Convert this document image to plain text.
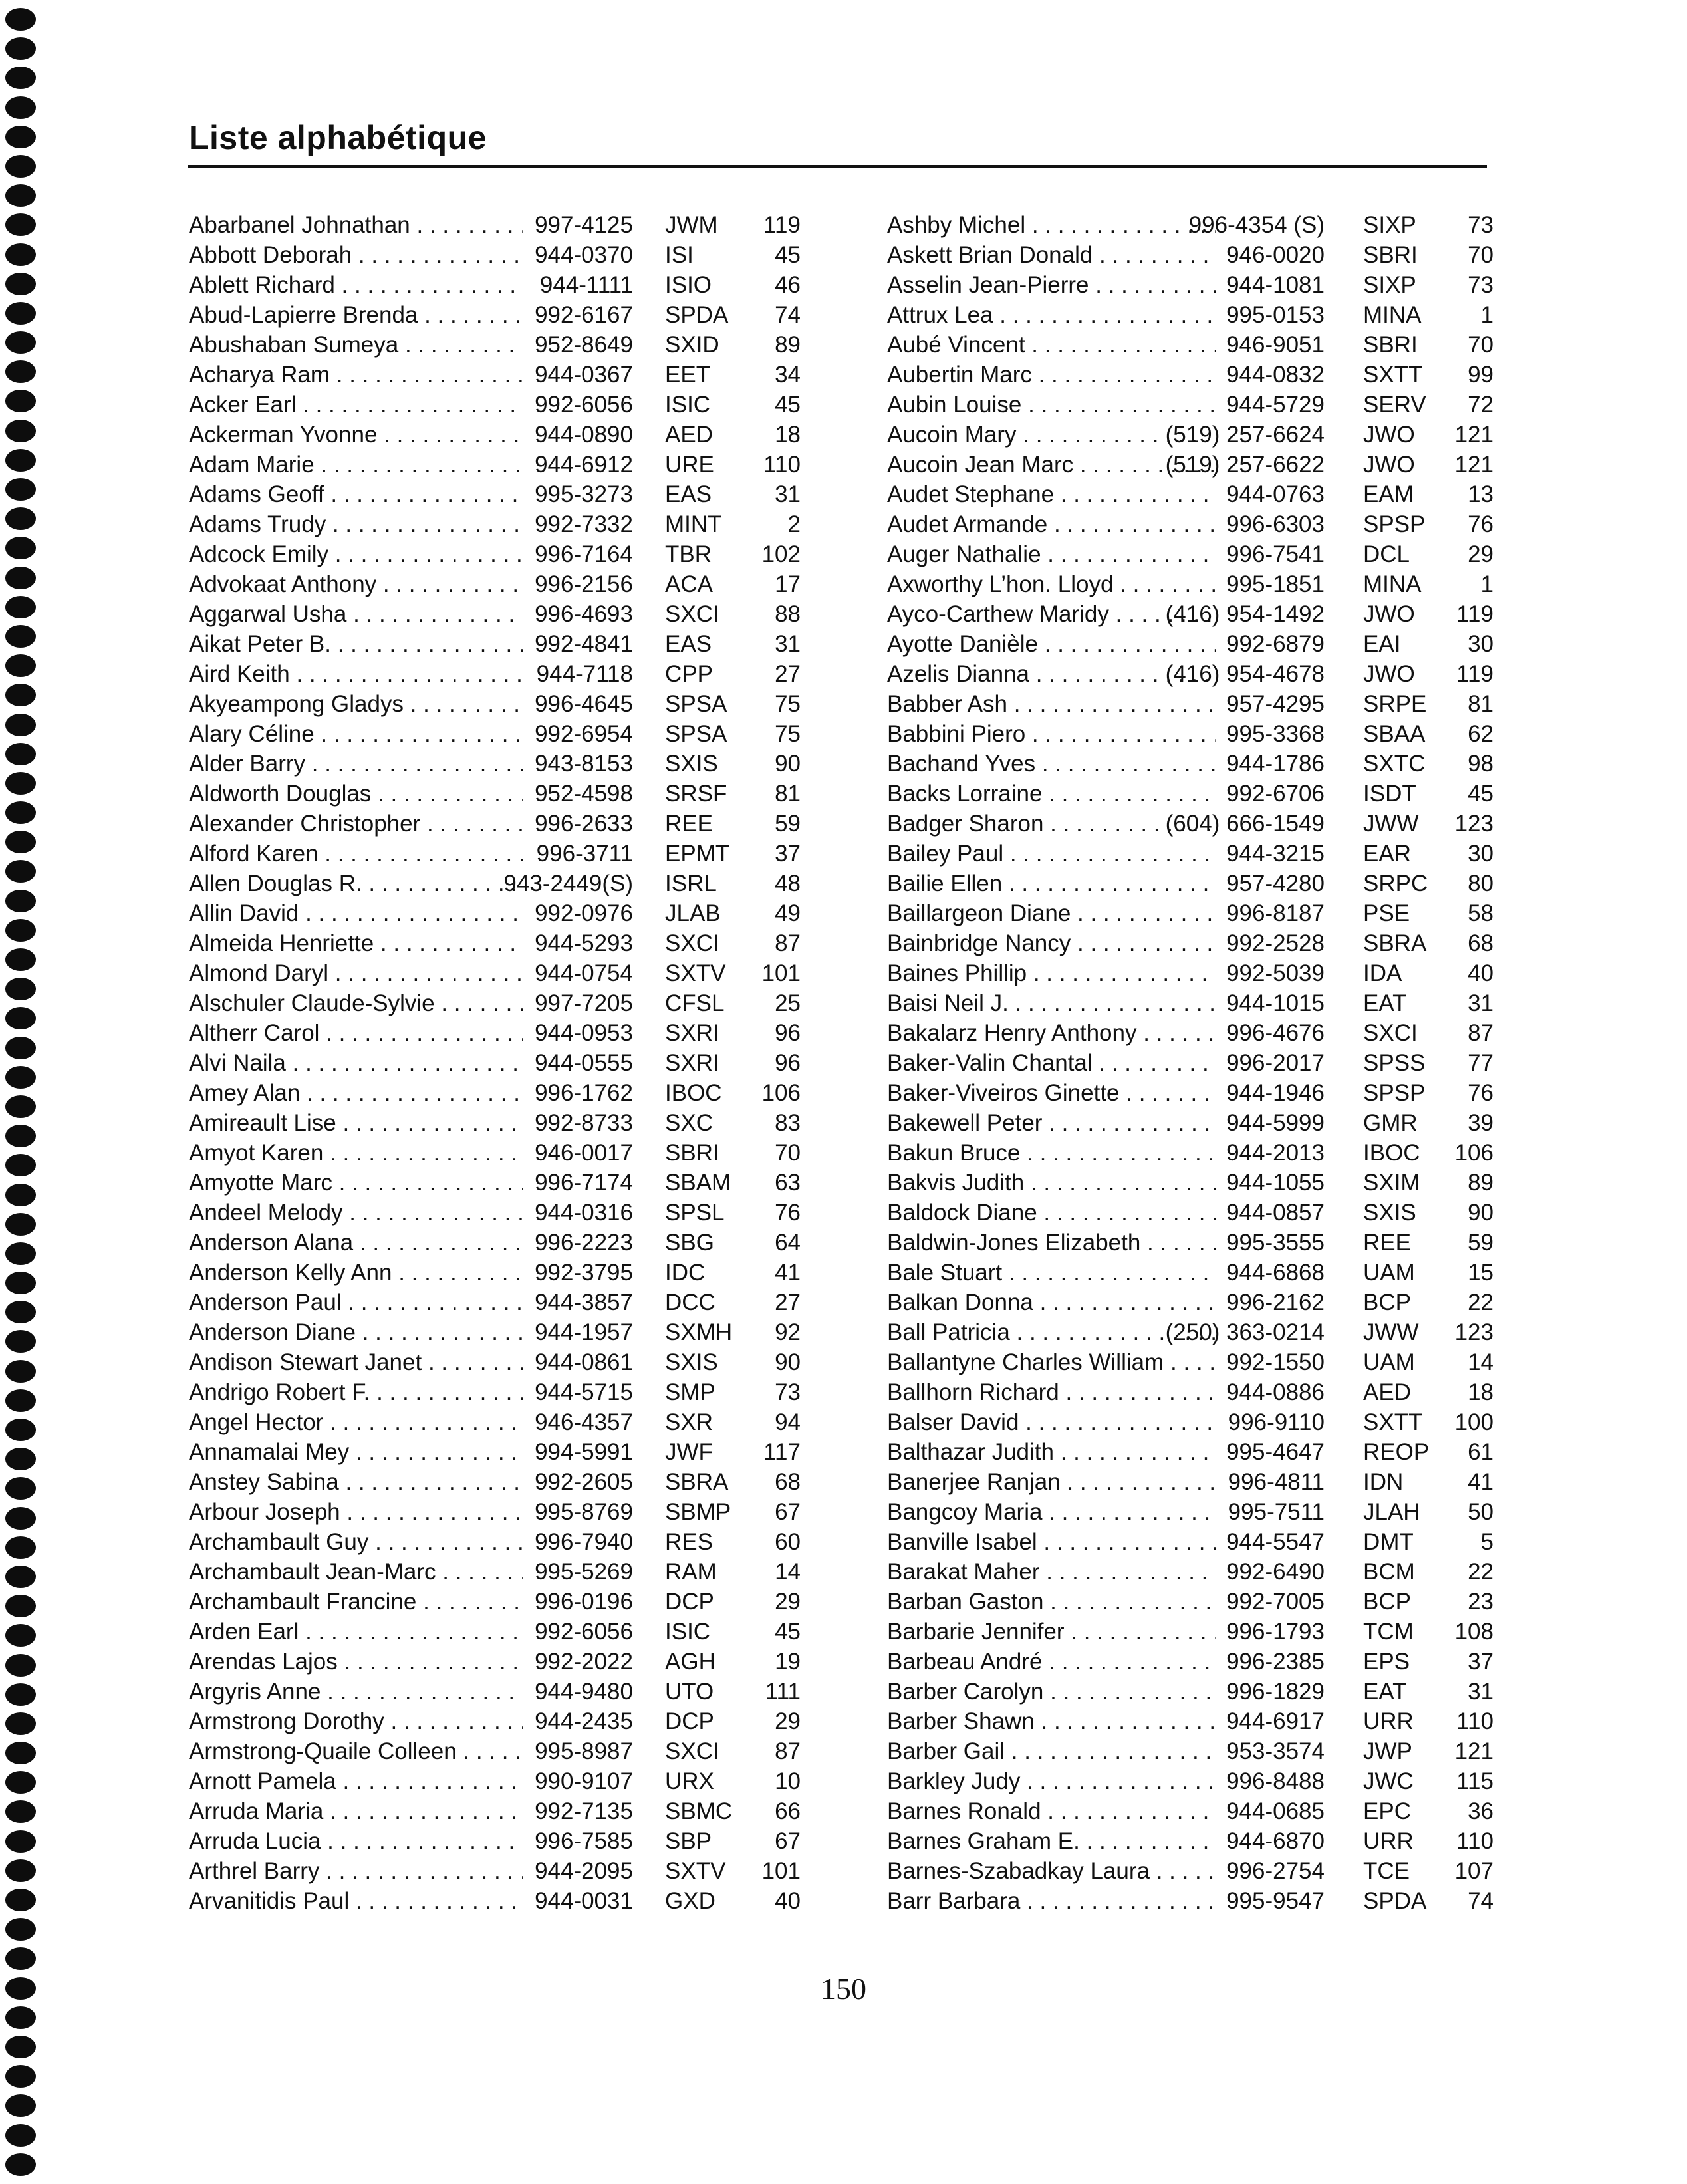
Liste alphabétique
Abarbanel Johnathan . . .	997-4125 JWM 119
Abbott Deborah . . .	944-0370 ISI	45
Ablett Richard . . .	944-1111 ISIO	46
Abud-Lapierre Brenda . . .	992-6167 SPDA 74
Abushaban Sumeya . . .	952-8649 SXID 89
Acharya Ram . . .	944-0367 EET	34
Acker Earl . . .	992-6056 ISIC	45
Ackerman Yvonne . . .	944-0890 AED	18
Adam Marie . . .	944-6912 URE 110
Adams Geoff . . .	995-3273 EAS	31
Adams Trudy . . .	992-7332 MINT	2
Adcock Emily . . .	996-7164 TBR 102
Advokaat Anthony . . .	996-2156 ACA	17
Aggarwal Usha . . .	996-4693 SXCI 88
Aikat Peter B. . . .	992-4841 EAS	31
Aird Keith . . .	944-7118 CPP	27
Akyeampong Gladys . . .	996-4645 SPSA 75
Alary Céline . . .	992-6954 SPSA 75
Alder Barry . . .	943-8153 SXIS 90
Aldworth Douglas . . .	952-4598 SRSF 81
Alexander Christopher . . .	996-2633 REE	59
Alford Karen . . .	996-3711 EPMT 37
Allen Douglas R. . . .	943-2449(S) ISRL 48
Allin David . . .	992-0976 JLAB 49
Almeida Henriette . . .	944-5293 SXCI 87
Almond Daryl . . .	944-0754 SXTV 101
Alschuler Claude-Sylvie . . .	997-7205 CFSL 25
Altherr Carol . . .	944-0953 SXRI 96
Alvi Naila . . .	944-0555 SXRI 96
Amey Alan . . .	996-1762 IBOC 106
Amireault Lise . . .	992-8733 SXC	83
Amyot Karen . . .	946-0017 SBRI 70
Amyotte Marc . . .	996-7174 SBAM 63
Andeel Melody . . .	944-0316 SPSL 76
Anderson Alana . . .	996-2223 SBG	64
Anderson Kelly Ann . . .	992-3795 IDC	41
Anderson Paul . . .	944-3857 DCC	27
Anderson Diane . . .	944-1957 SXMH 92
Andison Stewart Janet . . .	944-0861 SXIS 90
Andrigo Robert F. . . .	944-5715 SMP	73
Angel Hector . . .	946-4357 SXR	94
Annamalai Mey . . .	994-5991 JWF 117
Anstey Sabina . . .	992-2605 SBRA 68
Arbour Joseph . . .	995-8769 SBMP 67
Archambault Guy . . .	996-7940 RES	60
Archambault Jean-Marc . . .	995-5269 RAM 14
Archambault Francine . . .	996-0196 DCP	29
Arden Earl . . .	992-6056 ISIC	45
Arendas Lajos . . .	992-2022 AGH	19
Argyris Anne . . .	944-9480 UTO 111
Armstrong Dorothy . . .	944-2435 DCP	29
Armstrong-Quaile Colleen . . .	995-8987 SXCI 87
Arnott Pamela . . .	990-9107 URX	10
Arruda Maria . . .	992-7135 SBMC 66
Arruda Lucia . . .	996-7585 SBP	67
Arthrel Barry . . .	944-2095 SXTV 101
Arvanitidis Paul . . .	944-0031 GXD	40
Ashby Michel . . .	996-4354 (S) SIXP 73
Askett Brian Donald . . .	946-0020 SBRI 70
Asselin Jean-Pierre . . .	944-1081 SIXP 73
Attrux Lea . . .	995-0153 MINA	1
Aubé Vincent . . .	946-9051 SBRI 70
Aubertin Marc . . .	944-0832 SXTT 99
Aubin Louise . . .	944-5729 SERV 72
Aucoin Mary . . .	(519) 257-6624 JWO 121
Aucoin Jean Marc . . .	(519) 257-6622 JWO 121
Audet Stephane . . .	944-0763 EAM 13
Audet Armande . . .	996-6303 SPSP 76
Auger Nathalie . . .	996-7541 DCL 29
Axworthy L’hon. Lloyd . . .	995-1851 MINA	1
Ayco-Carthew Maridy . . .	(416) 954-1492 JWO 119
Ayotte Danièle . . .	992-6879 EAI	30
Azelis Dianna . . .	(416) 954-4678 JWO 119
Babber Ash . . .	957-4295 SRPE 81
Babbini Piero . . .	995-3368 SBAA 62
Bachand Yves . . .	944-1786 SXTC 98
Backs Lorraine . . .	992-6706 ISDT 45
Badger Sharon . . .	(604) 666-1549 JWW 123
Bailey Paul . . .	944-3215 EAR 30
Bailie Ellen . . .	957-4280 SRPC 80
Baillargeon Diane . . .	996-8187 PSE 58
Bainbridge Nancy . . .	992-2528 SBRA 68
Baines Phillip . . .	992-5039 IDA	40
Baisi Neil J. . . .	944-1015 EAT	31
Bakalarz Henry Anthony . . .	996-4676 SXCI 87
Baker-Valin Chantal . . .	996-2017 SPSS 77
Baker-Viveiros Ginette . . .	944-1946 SPSP 76
Bakewell Peter . . .	944-5999 GMR 39
Bakun Bruce . . .	944-2013 IBOC 106
Bakvis Judith . . .	944-1055 SXIM 89
Baldock Diane . . .	944-0857 SXIS 90
Baldwin-Jones Elizabeth . . .	995-3555 REE 59
Bale Stuart . . .	944-6868 UAM 15
Balkan Donna . . .	996-2162 BCP 22
Ball Patricia . . .	(250) 363-0214 JWW 123
Ballantyne Charles William . . .	992-1550 UAM 14
Ballhorn Richard . . .	944-0886 AED 18
Balser David . . .	996-9110 SXTT 100
Balthazar Judith . . .	995-4647 REOP 61
Banerjee Ranjan . . .	996-4811 IDN	41
Bangcoy Maria . . .	995-7511 JLAH 50
Banville Isabel . . .	944-5547 DMT	5
Barakat Maher . . .	992-6490 BCM 22
Barban Gaston . . .	992-7005 BCP 23
Barbarie Jennifer . . .	996-1793 TCM 108
Barbeau André . . .	996-2385 EPS 37
Barber Carolyn . . .	996-1829 EAT	31
Barber Shawn . . .	944-6917 URR 110
Barber Gail . . .	953-3574 JWP 121
Barkley Judy . . .	996-8488 JWC 115
Barnes Ronald . . .	944-0685 EPC 36
Barnes Graham E. . . .	944-6870 URR 110
Barnes-Szabadkay Laura . . .	996-2754 TCE 107
Barr Barbara . . .	995-9547 SPDA 74
150
